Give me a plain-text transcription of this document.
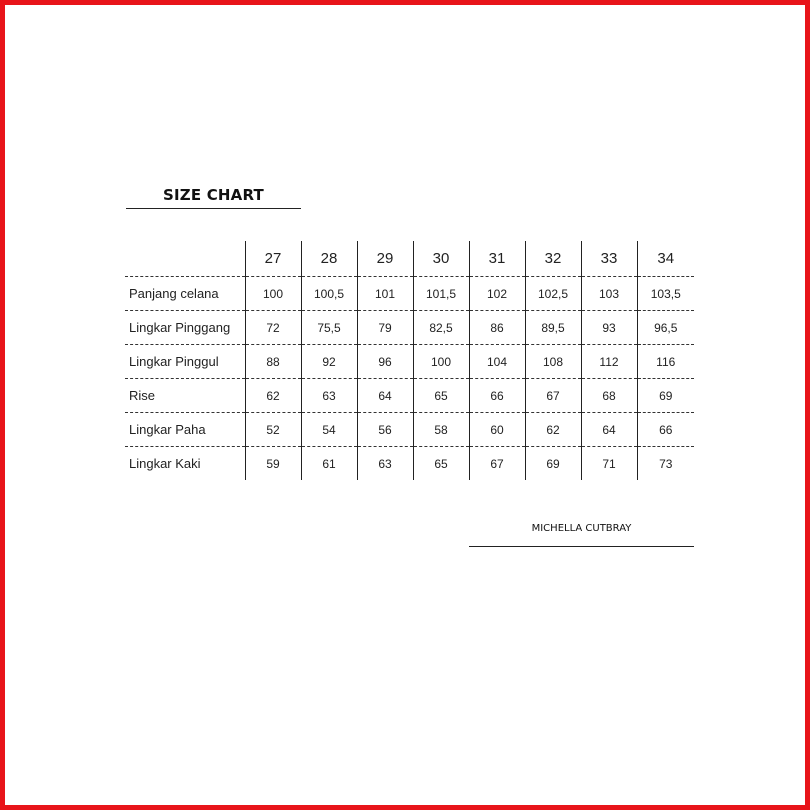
SIZE CHART
	27	28	29	30	31	32	33	34
Panjang celana	100	100,5	101	101,5	102	102,5	103	103,5
Lingkar Pinggang	72	75,5	79	82,5	86	89,5	93	96,5
Lingkar Pinggul	88	92	96	100	104	108	112	116
Rise	62	63	64	65	66	67	68	69
Lingkar Paha	52	54	56	58	60	62	64	66
Lingkar Kaki	59	61	63	65	67	69	71	73
MICHELLA CUTBRAY
